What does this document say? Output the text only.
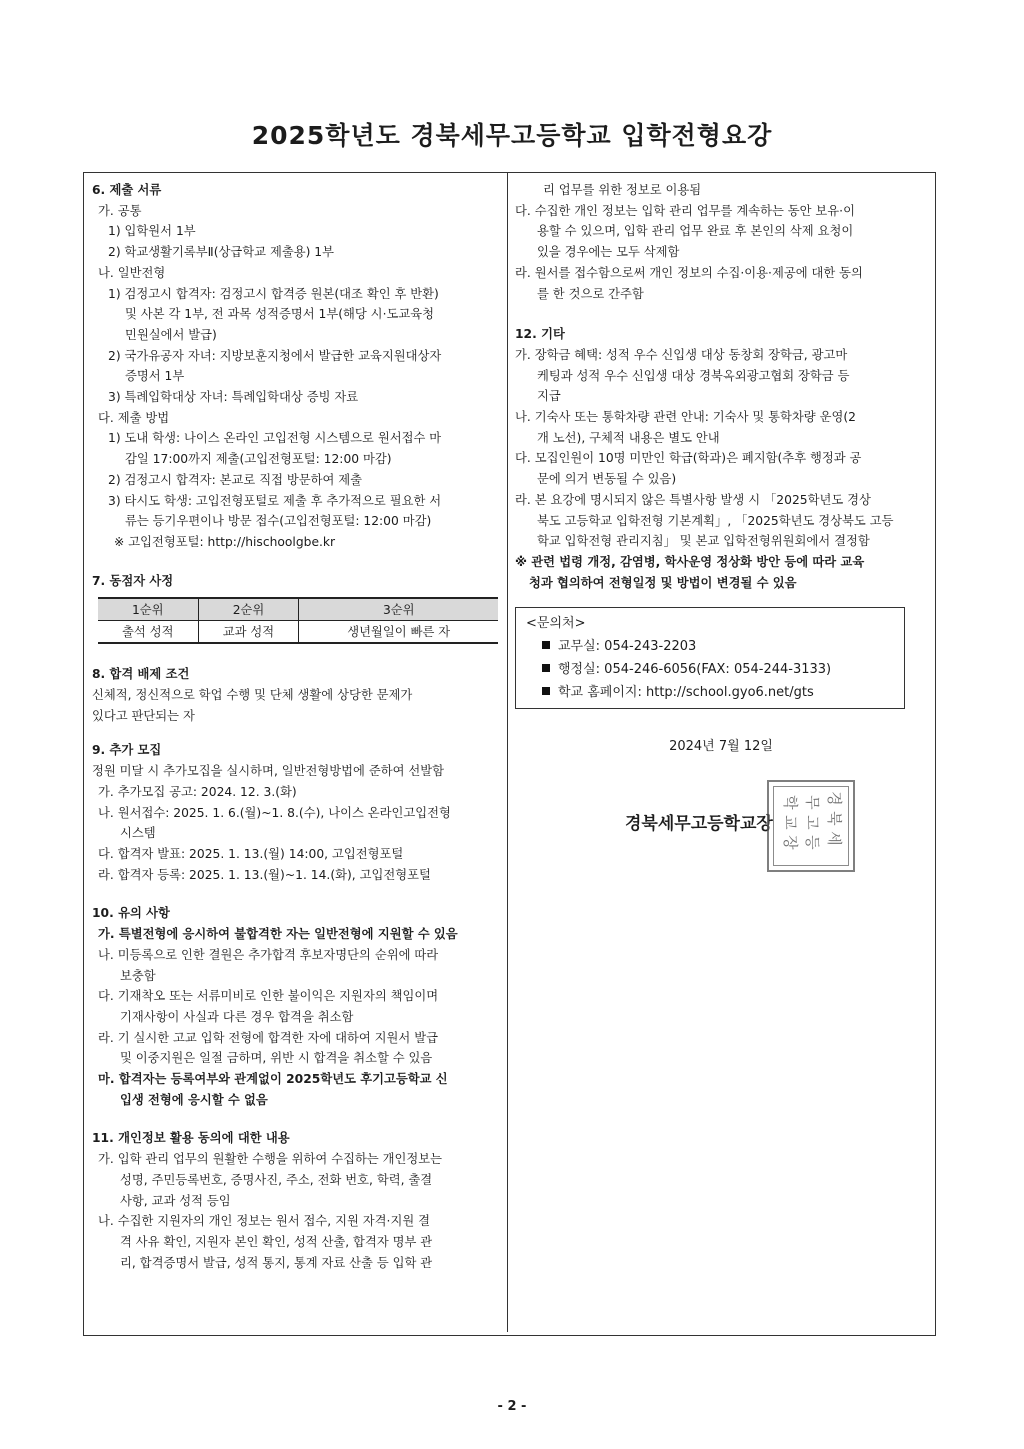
2025학년도 경북세무고등학교 입학전형요강
6. 제출 서류
가. 공통
1) 입학원서 1부
2) 학교생활기록부Ⅱ(상급학교 제출용) 1부
나. 일반전형
1) 검정고시 합격자: 검정고시 합격증 원본(대조 확인 후 반환)
및 사본 각 1부, 전 과목 성적증명서 1부(해당 시·도교육청
민원실에서 발급)
2) 국가유공자 자녀: 지방보훈지청에서 발급한 교육지원대상자
증명서 1부
3) 특례입학대상 자녀: 특례입학대상 증빙 자료
다. 제출 방법
1) 도내 학생: 나이스 온라인 고입전형 시스템으로 원서접수 마
감일 17:00까지 제출(고입전형포털: 12:00 마감)
2) 검정고시 합격자: 본교로 직접 방문하여 제출
3) 타시도 학생: 고입전형포털로 제출 후 추가적으로 필요한 서
류는 등기우편이나 방문 접수(고입전형포털: 12:00 마감)
※ 고입전형포털: http://hischoolgbe.kr
7. 동점자 사정
1순위	2순위	3순위
출석 성적	교과 성적	생년월일이 빠른 자
8. 합격 배제 조건
신체적, 정신적으로 학업 수행 및 단체 생활에 상당한 문제가
있다고 판단되는 자
9. 추가 모집
정원 미달 시 추가모집을 실시하며, 일반전형방법에 준하여 선발함
가. 추가모집 공고: 2024. 12. 3.(화)
나. 원서접수: 2025. 1. 6.(월)~1. 8.(수), 나이스 온라인고입전형
시스템
다. 합격자 발표: 2025. 1. 13.(월) 14:00, 고입전형포털
라. 합격자 등록: 2025. 1. 13.(월)~1. 14.(화), 고입전형포털
10. 유의 사항
가. 특별전형에 응시하여 불합격한 자는 일반전형에 지원할 수 있음
나. 미등록으로 인한 결원은 추가합격 후보자명단의 순위에 따라
보충함
다. 기재착오 또는 서류미비로 인한 불이익은 지원자의 책임이며
기재사항이 사실과 다른 경우 합격을 취소함
라. 기 실시한 고교 입학 전형에 합격한 자에 대하여 지원서 발급
및 이중지원은 일절 금하며, 위반 시 합격을 취소할 수 있음
마. 합격자는 등록여부와 관계없이 2025학년도 후기고등학교 신
입생 전형에 응시할 수 없음
11. 개인정보 활용 동의에 대한 내용
가. 입학 관리 업무의 원활한 수행을 위하여 수집하는 개인정보는
성명, 주민등록번호, 증명사진, 주소, 전화 번호, 학력, 출결
사항, 교과 성적 등임
나. 수집한 지원자의 개인 정보는 원서 접수, 지원 자격·지원 결
격 사유 확인, 지원자 본인 확인, 성적 산출, 합격자 명부 관
리, 합격증명서 발급, 성적 통지, 통계 자료 산출 등 입학 관
리 업무를 위한 정보로 이용됨
다. 수집한 개인 정보는 입학 관리 업무를 계속하는 동안 보유·이
용할 수 있으며, 입학 관리 업무 완료 후 본인의 삭제 요청이
있을 경우에는 모두 삭제함
라. 원서를 접수함으로써 개인 정보의 수집·이용·제공에 대한 동의
를 한 것으로 간주함
12. 기타
가. 장학금 혜택: 성적 우수 신입생 대상 동창회 장학금, 광고마
케팅과 성적 우수 신입생 대상 경북옥외광고협회 장학금 등
지급
나. 기숙사 또는 통학차량 관련 안내: 기숙사 및 통학차량 운영(2
개 노선), 구체적 내용은 별도 안내
다. 모집인원이 10명 미만인 학급(학과)은 폐지함(추후 행정과 공
문에 의거 변동될 수 있음)
라. 본 요강에 명시되지 않은 특별사항 발생 시 「2025학년도 경상
북도 고등학교 입학전형 기본계획」, 「2025학년도 경상북도 고등
학교 입학전형 관리지침」 및 본교 입학전형위원회에서 결정함
※ 관련 법령 개정, 감염병, 학사운영 정상화 방안 등에 따라 교육
청과 협의하여 전형일정 및 방법이 변경될 수 있음
<문의처>
교무실: 054-243-2203
행정실: 054-246-6056(FAX: 054-244-3133)
학교 홈페이지: http://school.gyo6.net/gts
2024년 7월 12일
경북세무고등학교장
경
북
세
무
고
등
학
교
장
- 2 -
